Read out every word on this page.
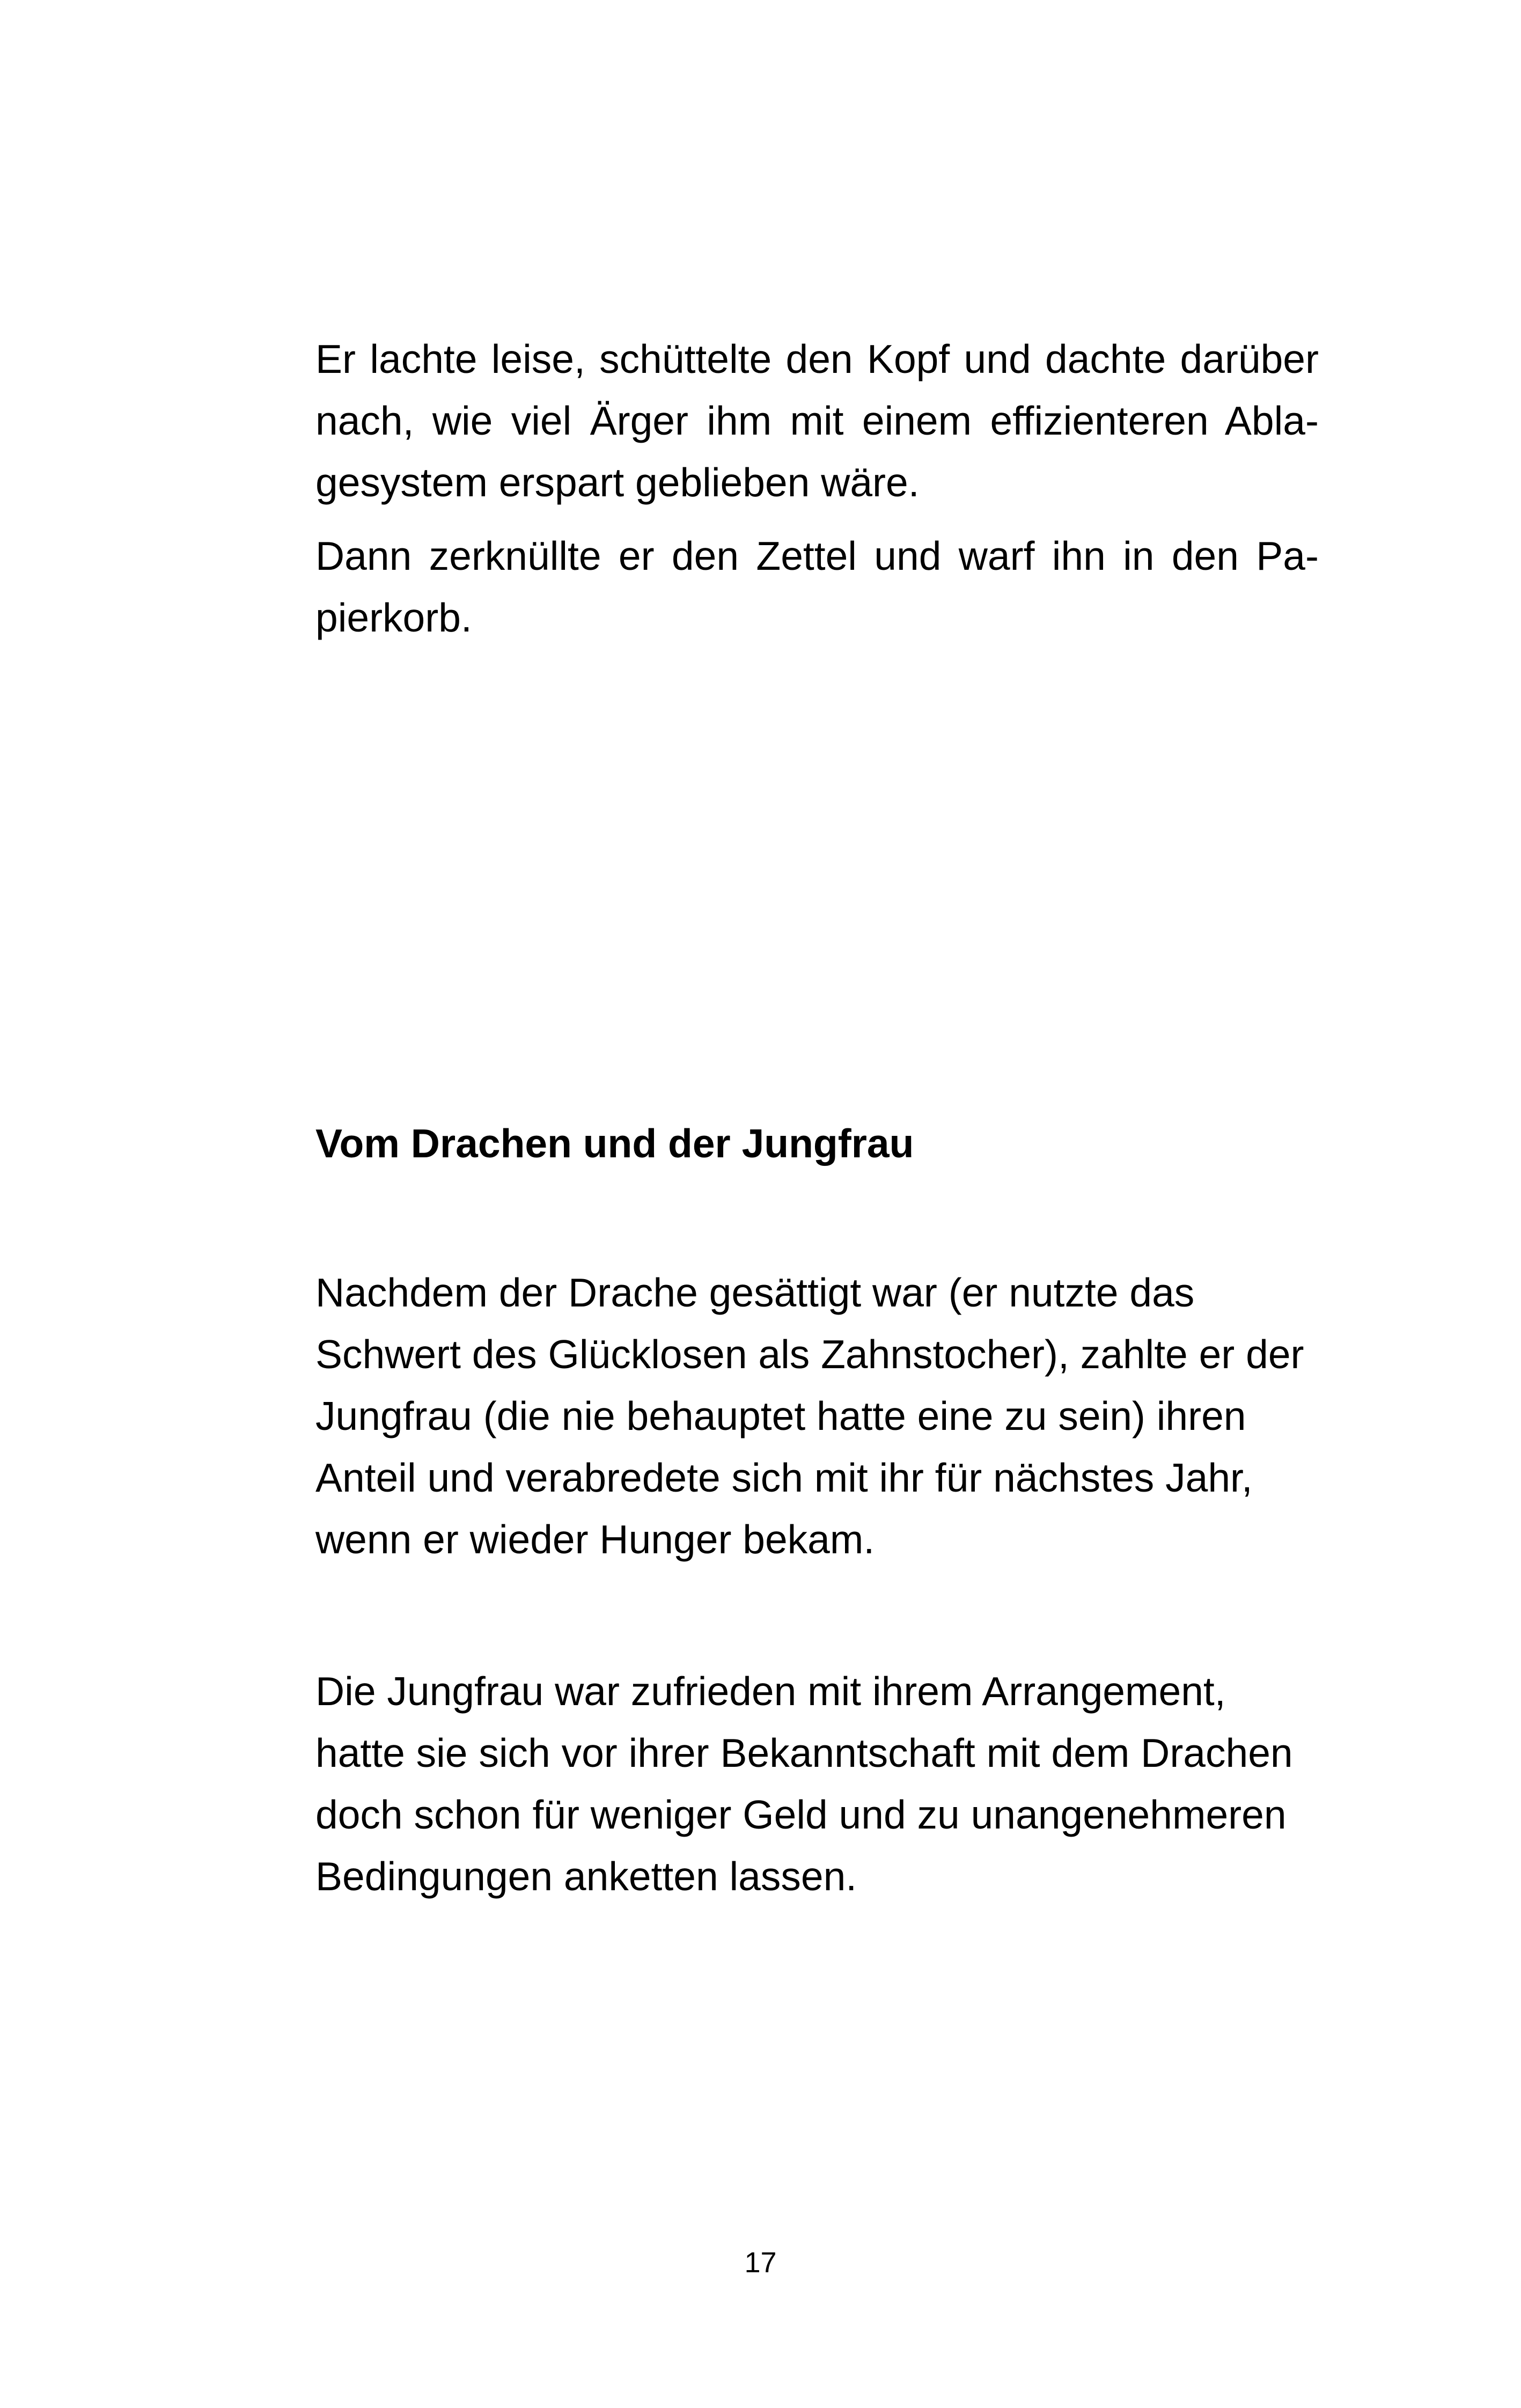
Er lachte leise, schüttelte den Kopf und dachte darüber
nach, wie viel Ärger ihm mit einem effizienteren Abla-
gesystem erspart geblieben wäre.

Dann zerknüllte er den Zettel und warf ihn in den Pa-
pierkorb.

Vom Drachen und der Jungfrau

Nachdem der Drache gesättigt war (er nutzte das
Schwert des Glücklosen als Zahnstocher), zahlte er der
Jungfrau (die nie behauptet hatte eine zu sein) ihren
Anteil und verabredete sich mit ihr für nächstes Jahr,
wenn er wieder Hunger bekam.

Die Jungfrau war zufrieden mit ihrem Arrangement,
hatte sie sich vor ihrer Bekanntschaft mit dem Drachen
doch schon für weniger Geld und zu unangenehmeren
Bedingungen anketten lassen.

17
